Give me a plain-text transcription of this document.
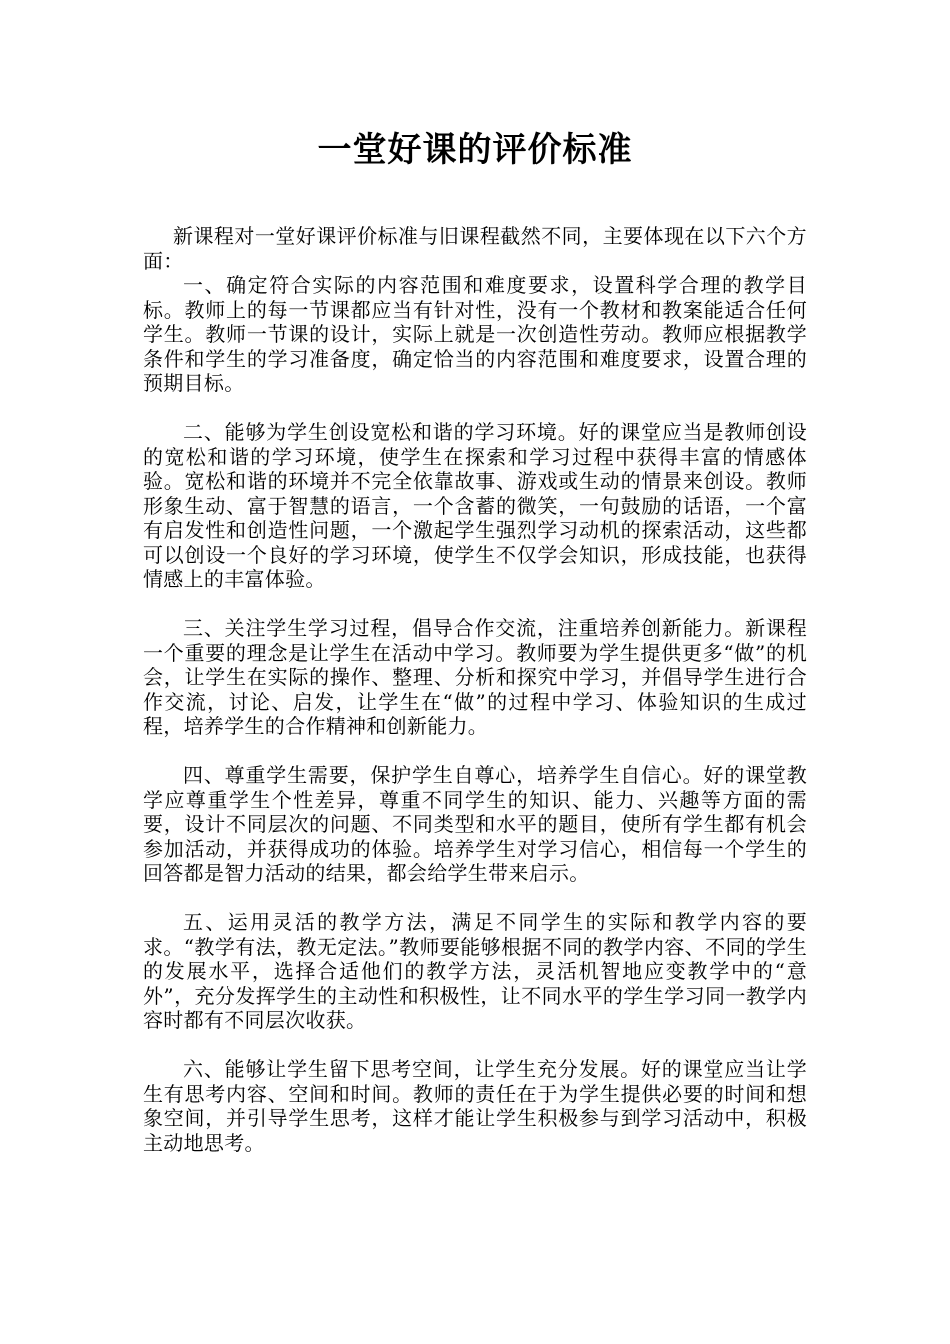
一堂好课的评价标准

新课程对一堂好课评价标准与旧课程截然不同，主要体现在以下六个方面：

一、确定符合实际的内容范围和难度要求，设置科学合理的教学目标。教师上的每一节课都应当有针对性，没有一个教材和教案能适合任何学生。教师一节课的设计，实际上就是一次创造性劳动。教师应根据教学条件和学生的学习准备度，确定恰当的内容范围和难度要求，设置合理的预期目标。

二、能够为学生创设宽松和谐的学习环境。好的课堂应当是教师创设的宽松和谐的学习环境，使学生在探索和学习过程中获得丰富的情感体验。宽松和谐的环境并不完全依靠故事、游戏或生动的情景来创设。教师形象生动、富于智慧的语言，一个含蓄的微笑，一句鼓励的话语，一个富有启发性和创造性问题，一个激起学生强烈学习动机的探索活动，这些都可以创设一个良好的学习环境，使学生不仅学会知识，形成技能，也获得情感上的丰富体验。

三、关注学生学习过程，倡导合作交流，注重培养创新能力。新课程一个重要的理念是让学生在活动中学习。教师要为学生提供更多“做”的机会，让学生在实际的操作、整理、分析和探究中学习，并倡导学生进行合作交流，讨论、启发，让学生在“做”的过程中学习、体验知识的生成过程，培养学生的合作精神和创新能力。

四、尊重学生需要，保护学生自尊心，培养学生自信心。好的课堂教学应尊重学生个性差异，尊重不同学生的知识、能力、兴趣等方面的需要，设计不同层次的问题、不同类型和水平的题目，使所有学生都有机会参加活动，并获得成功的体验。培养学生对学习信心，相信每一个学生的回答都是智力活动的结果，都会给学生带来启示。

五、运用灵活的教学方法，满足不同学生的实际和教学内容的要求。“教学有法，教无定法。”教师要能够根据不同的教学内容、不同的学生的发展水平，选择合适他们的教学方法，灵活机智地应变教学中的“意外”，充分发挥学生的主动性和积极性，让不同水平的学生学习同一教学内容时都有不同层次收获。

六、能够让学生留下思考空间，让学生充分发展。好的课堂应当让学生有思考内容、空间和时间。教师的责任在于为学生提供必要的时间和想象空间，并引导学生思考，这样才能让学生积极参与到学习活动中，积极主动地思考。
